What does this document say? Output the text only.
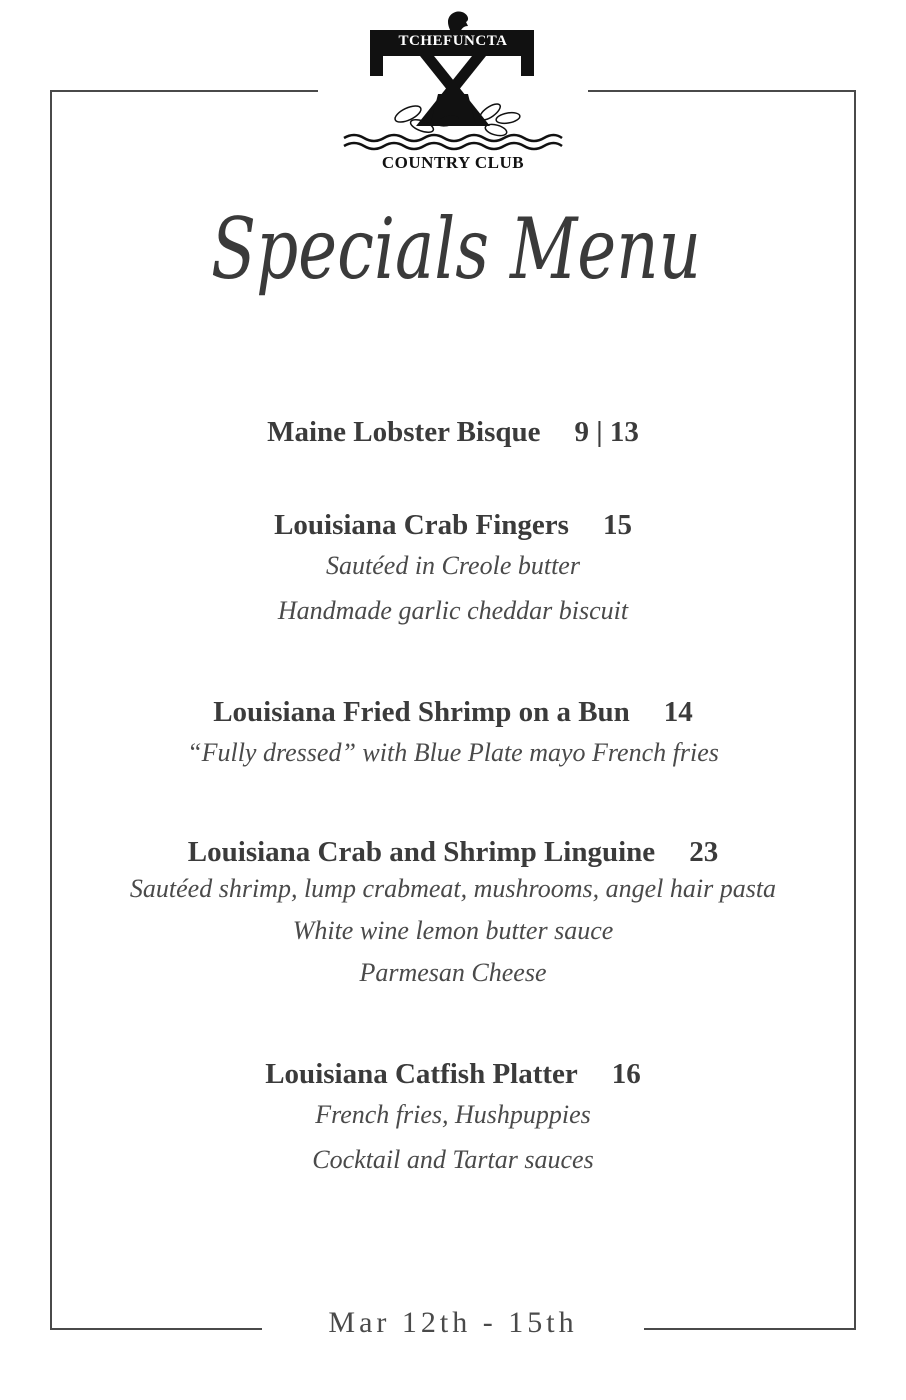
TCHEFUNCTA
COUNTRY CLUB
Specials Menu
Maine Lobster Bisque 9 | 13
Louisiana Crab Fingers 15
Sautéed in Creole butter
Handmade garlic cheddar biscuit
Louisiana Fried Shrimp on a Bun 14
“Fully dressed” with Blue Plate mayo French fries
Louisiana Crab and Shrimp Linguine 23
Sautéed shrimp, lump crabmeat, mushrooms, angel hair pasta
White wine lemon butter sauce
Parmesan Cheese
Louisiana Catfish Platter 16
French fries, Hushpuppies
Cocktail and Tartar sauces
Mar 12th - 15th
